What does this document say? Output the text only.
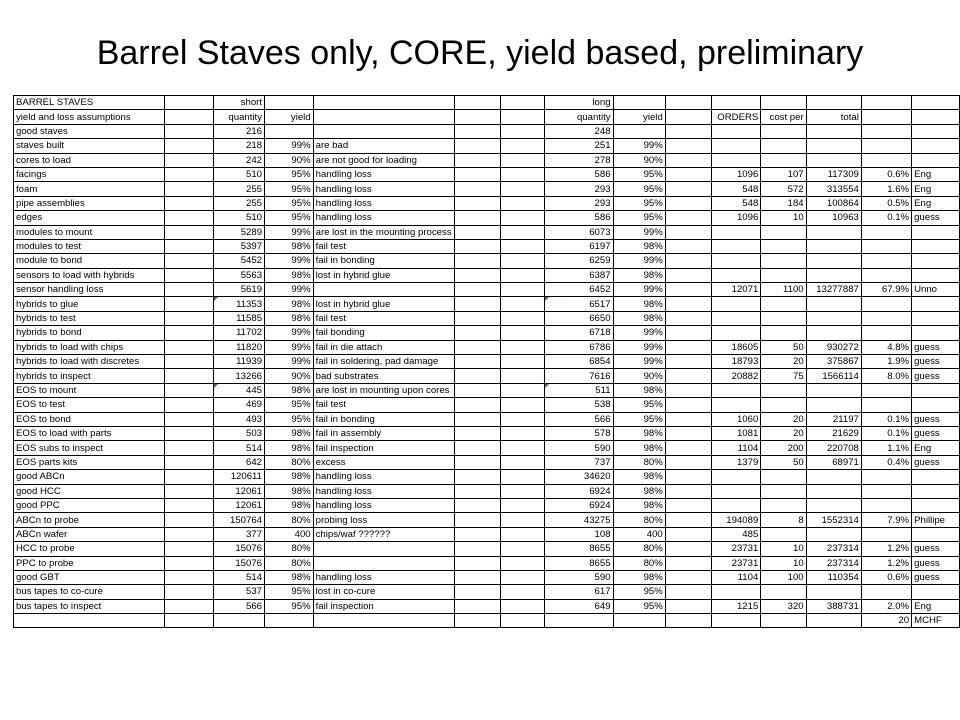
Barrel Staves only, CORE, yield based, preliminary
BARREL STAVES		short					long							
yield and loss assumptions		quantity	yield				quantity	yield		ORDERS	cost per	total		
good staves		216					248							
staves built		218	99%	are bad			251	99%						
cores to load		242	90%	are not good for loading			278	90%						
facings		510	95%	handling loss			586	95%		1096	107	117309	0.6%	Eng
foam		255	95%	handling loss			293	95%		548	572	313554	1.6%	Eng
pipe assemblies		255	95%	handling loss			293	95%		548	184	100864	0.5%	Eng
edges		510	95%	handling loss			586	95%		1096	10	10963	0.1%	guess
modules to mount		5289	99%	are lost in the mounting process			6073	99%						
modules to test		5397	98%	fail test			6197	98%						
module to bond		5452	99%	fail in bonding			6259	99%						
sensors to load with hybrids		5563	98%	lost in hybrid glue			6387	98%						
sensor handling loss		5619	99%				6452	99%		12071	1100	13277887	67.9%	Unno
hybrids to glue		11353	98%	lost in hybrid glue			6517	98%						
hybrids to test		11585	98%	fail test			6650	98%						
hybrids to bond		11702	99%	fail bonding			6718	99%						
hybrids to load with chips		11820	99%	fail in die attach			6786	99%		18605	50	930272	4.8%	guess
hybrids to load with discretes		11939	99%	fail in soldering, pad damage			6854	99%		18793	20	375867	1.9%	guess
hybrids to inspect		13266	90%	bad substrates			7616	90%		20882	75	1566114	8.0%	guess
EOS to mount		445	98%	are lost in mounting upon cores			511	98%						
EOS to test		469	95%	fail test			538	95%						
EOS to bond		493	95%	fail in bonding			566	95%		1060	20	21197	0.1%	guess
EOS to load with parts		503	98%	fail in assembly			578	98%		1081	20	21629	0.1%	guess
EOS subs to inspect		514	98%	fail inspection			590	98%		1104	200	220708	1.1%	Eng
EOS parts kits		642	80%	excess			737	80%		1379	50	68971	0.4%	guess
good ABCn		120611	98%	handling loss			34620	98%						
good HCC		12061	98%	handling loss			6924	98%						
good PPC		12061	98%	handling loss			6924	98%						
ABCn to probe		150764	80%	probing loss			43275	80%		194089	8	1552314	7.9%	Phillipe
ABCn wafer		377	400	chips/waf ??????			108	400		485				
HCC to probe		15076	80%				8655	80%		23731	10	237314	1.2%	guess
PPC to probe		15076	80%				8655	80%		23731	10	237314	1.2%	guess
good GBT		514	98%	handling loss			590	98%		1104	100	110354	0.6%	guess
bus tapes to co-cure		537	95%	lost in co-cure			617	95%						
bus tapes to inspect		566	95%	fail inspection			649	95%		1215	320	388731	2.0%	Eng
													20	MCHF
